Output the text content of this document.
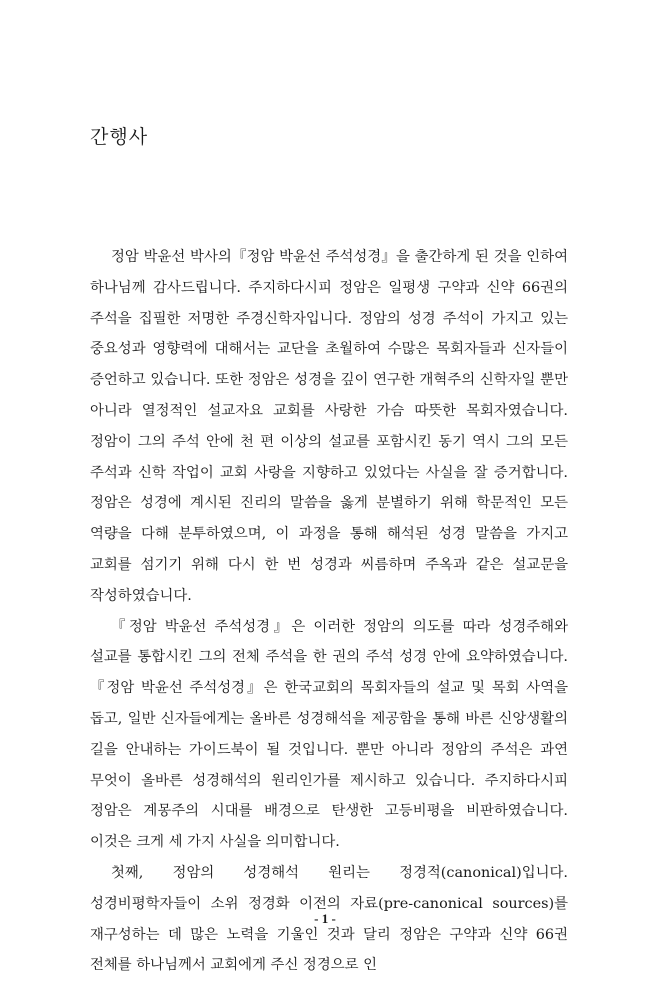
간행사

정암 박윤선 박사의『정암 박윤선 주석성경』을 출간하게 된 것을 인하여 하나님께 감사드립니다. 주지하다시피 정암은 일평생 구약과 신약 66권의 주석을 집필한 저명한 주경신학자입니다. 정암의 성경 주석이 가지고 있는 중요성과 영향력에 대해서는 교단을 초월하여 수많은 목회자들과 신자들이 증언하고 있습니다. 또한 정암은 성경을 깊이 연구한 개혁주의 신학자일 뿐만 아니라 열정적인 설교자요 교회를 사랑한 가슴 따뜻한 목회자였습니다. 정암이 그의 주석 안에 천 편 이상의 설교를 포함시킨 동기 역시 그의 모든 주석과 신학 작업이 교회 사랑을 지향하고 있었다는 사실을 잘 증거합니다. 정암은 성경에 계시된 진리의 말씀을 옳게 분별하기 위해 학문적인 모든 역량을 다해 분투하였으며, 이 과정을 통해 해석된 성경 말씀을 가지고 교회를 섬기기 위해 다시 한 번 성경과 씨름하며 주옥과 같은 설교문을 작성하였습니다.

『정암 박윤선 주석성경』은 이러한 정암의 의도를 따라 성경주해와 설교를 통합시킨 그의 전체 주석을 한 권의 주석 성경 안에 요약하였습니다.『정암 박윤선 주석성경』은 한국교회의 목회자들의 설교 및 목회 사역을 돕고, 일반 신자들에게는 올바른 성경해석을 제공함을 통해 바른 신앙생활의 길을 안내하는 가이드북이 될 것입니다. 뿐만 아니라 정암의 주석은 과연 무엇이 올바른 성경해석의 원리인가를 제시하고 있습니다. 주지하다시피 정암은 계몽주의 시대를 배경으로 탄생한 고등비평을 비판하였습니다. 이것은 크게 세 가지 사실을 의미합니다.

첫째, 정암의 성경해석 원리는 정경적(canonical)입니다. 성경비평학자들이 소위 정경화 이전의 자료(pre-canonical sources)를 재구성하는 데 많은 노력을 기울인 것과 달리 정암은 구약과 신약 66권 전체를 하나님께서 교회에게 주신 정경으로 인

- 1 -
